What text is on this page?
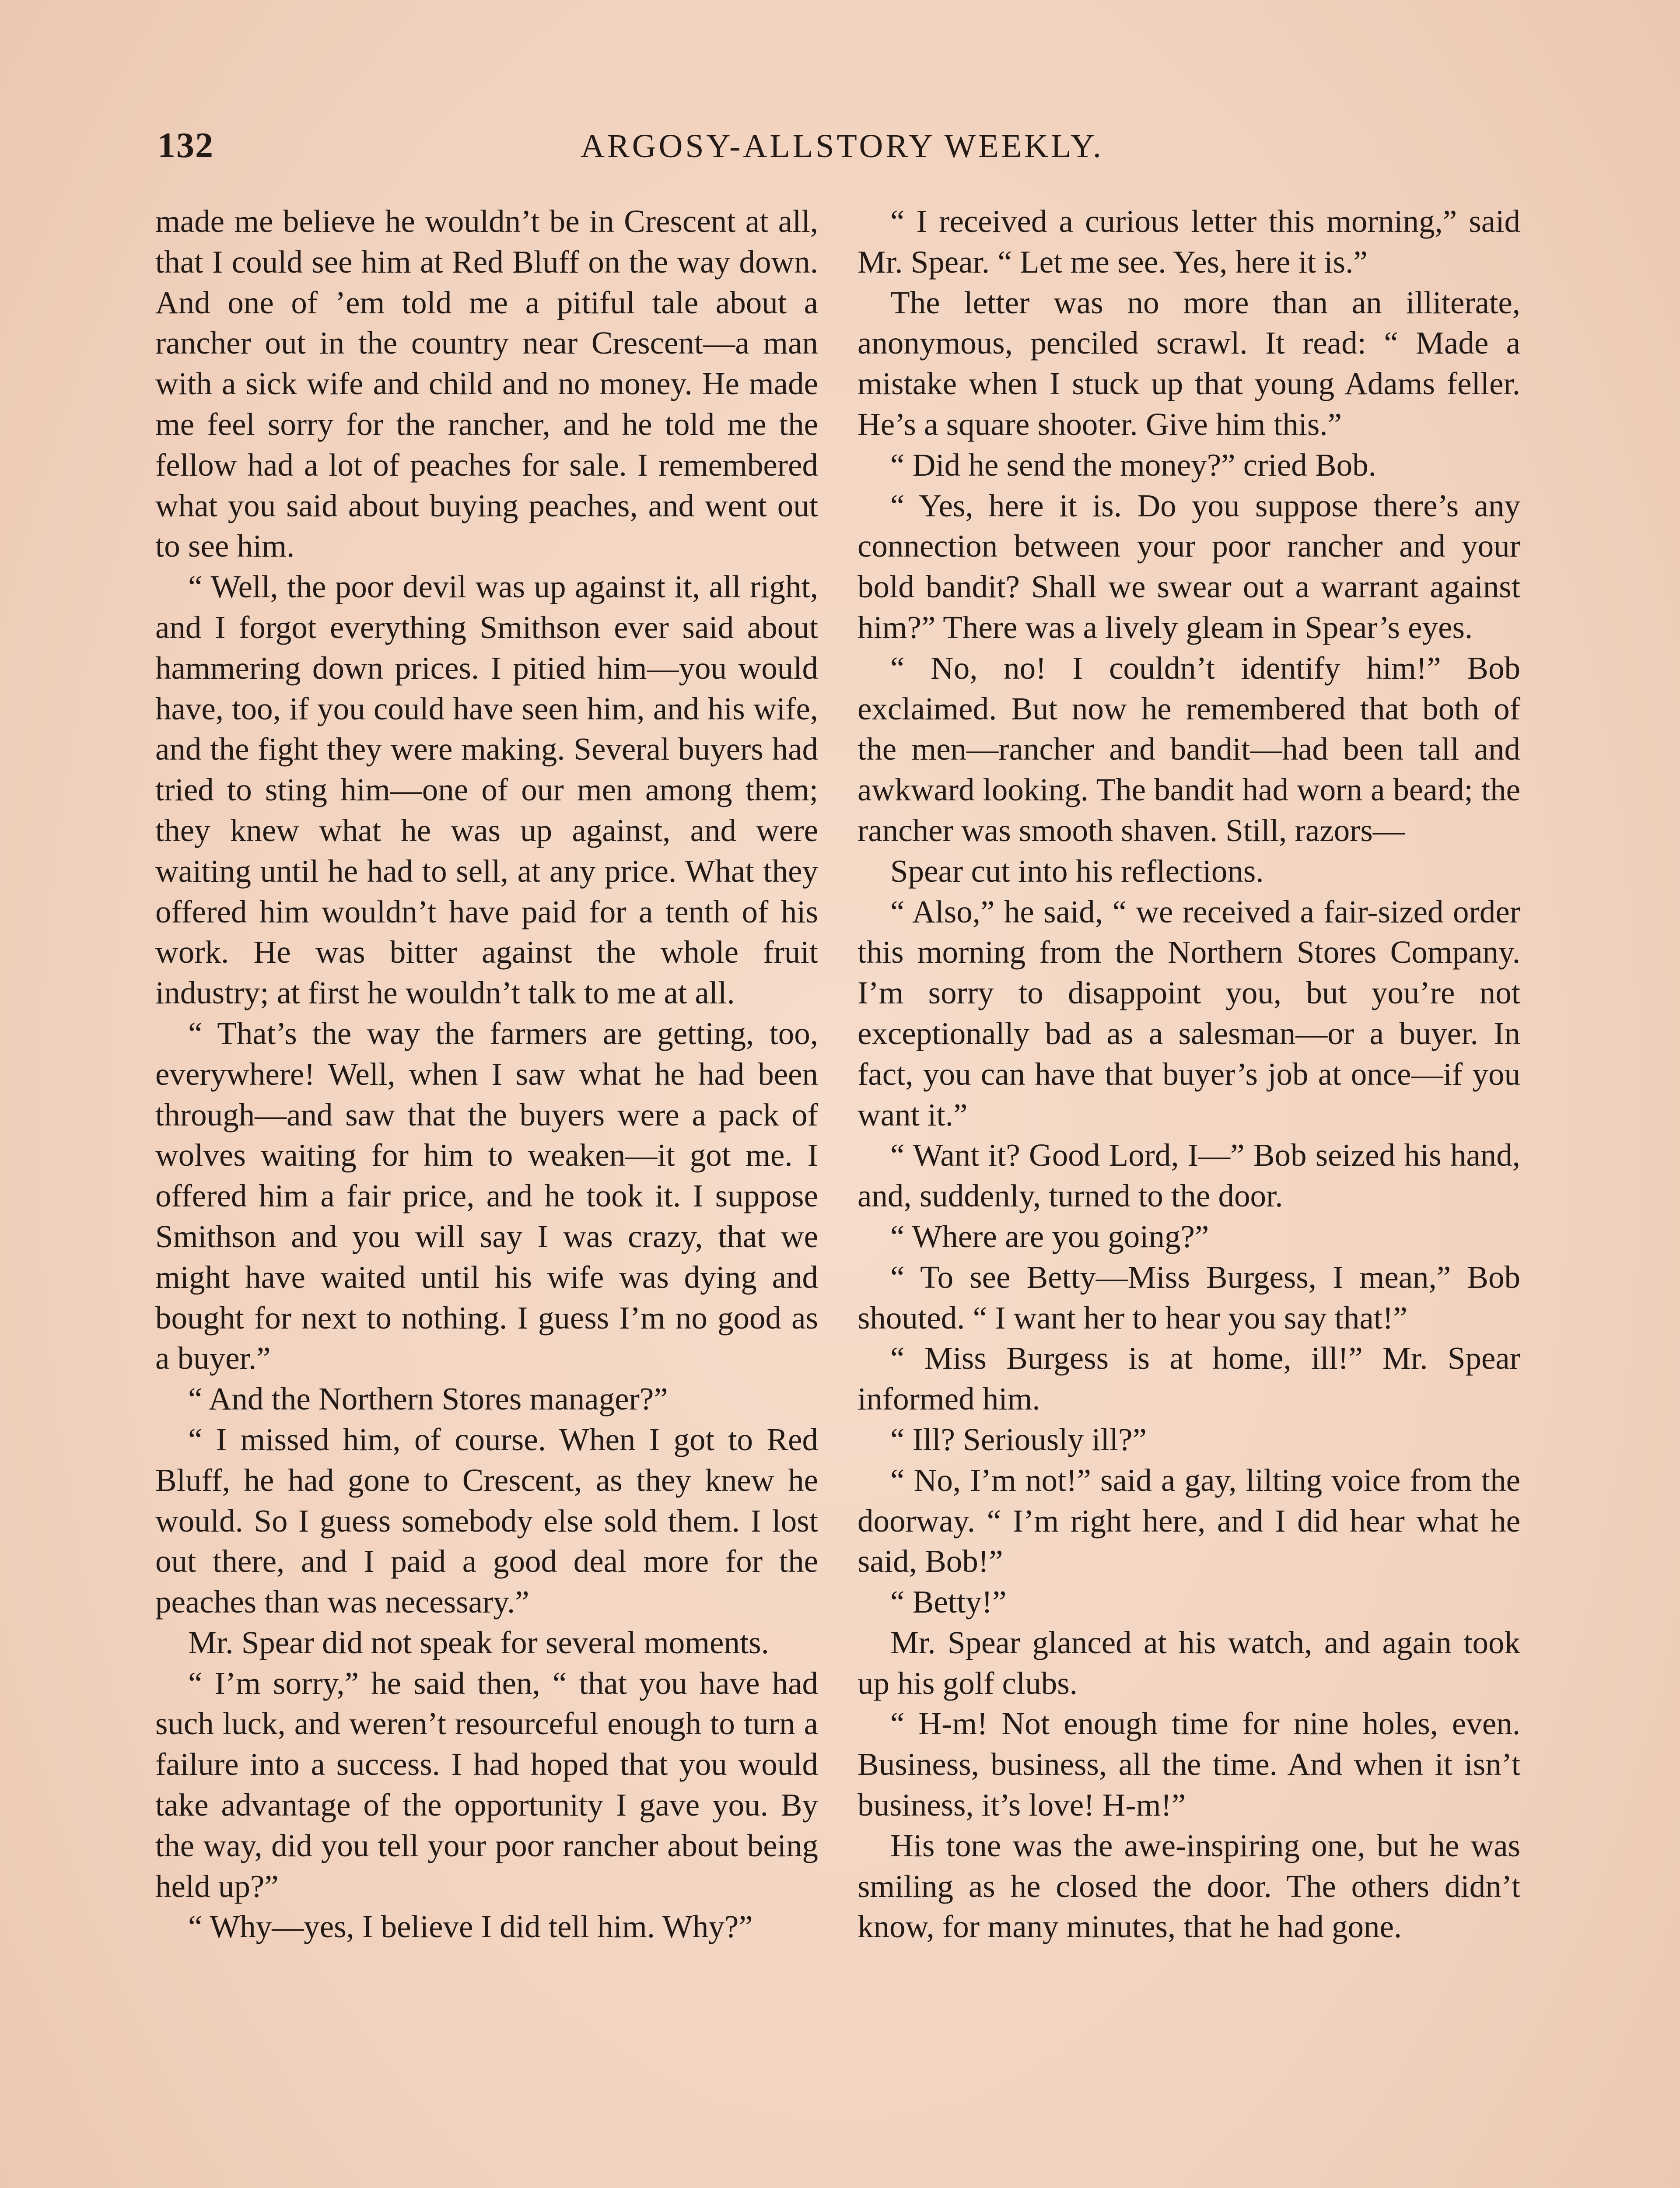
132	ARGOSY-ALLSTORY WEEKLY.

made me believe he wouldn’t be in Crescent at all, that I could see him at Red Bluff on the way down. And one of ’em told me a pitiful tale about a rancher out in the country near Crescent—a man with a sick wife and child and no money. He made me feel sorry for the rancher, and he told me the fellow had a lot of peaches for sale. I remembered what you said about buying peaches, and went out to see him.

“ Well, the poor devil was up against it, all right, and I forgot everything Smithson ever said about hammering down prices. I pitied him—you would have, too, if you could have seen him, and his wife, and the fight they were making. Several buyers had tried to sting him—one of our men among them; they knew what he was up against, and were waiting until he had to sell, at any price. What they offered him wouldn’t have paid for a tenth of his work. He was bitter against the whole fruit industry; at first he wouldn’t talk to me at all.

“ That’s the way the farmers are getting, too, everywhere! Well, when I saw what he had been through—and saw that the buyers were a pack of wolves waiting for him to weaken—it got me. I offered him a fair price, and he took it. I suppose Smithson and you will say I was crazy, that we might have waited until his wife was dying and bought for next to nothing. I guess I’m no good as a buyer.”

“ And the Northern Stores manager?”

“ I missed him, of course. When I got to Red Bluff, he had gone to Crescent, as they knew he would. So I guess somebody else sold them. I lost out there, and I paid a good deal more for the peaches than was necessary.”

Mr. Spear did not speak for several moments.

“ I’m sorry,” he said then, “ that you have had such luck, and weren’t resourceful enough to turn a failure into a success. I had hoped that you would take advantage of the opportunity I gave you. By the way, did you tell your poor rancher about being held up?”

“ Why—yes, I believe I did tell him. Why?”

“ I received a curious letter this morning,” said Mr. Spear. “ Let me see. Yes, here it is.”

The letter was no more than an illiterate, anonymous, penciled scrawl. It read: “ Made a mistake when I stuck up that young Adams feller. He’s a square shooter. Give him this.”

“ Did he send the money?” cried Bob.

“ Yes, here it is. Do you suppose there’s any connection between your poor rancher and your bold bandit? Shall we swear out a warrant against him?” There was a lively gleam in Spear’s eyes.

“ No, no! I couldn’t identify him!” Bob exclaimed. But now he remembered that both of the men—rancher and bandit—had been tall and awkward looking. The bandit had worn a beard; the rancher was smooth shaven. Still, razors—

Spear cut into his reflections.

“ Also,” he said, “ we received a fair-sized order this morning from the Northern Stores Company. I’m sorry to disappoint you, but you’re not exceptionally bad as a salesman—or a buyer. In fact, you can have that buyer’s job at once—if you want it.”

“ Want it? Good Lord, I—” Bob seized his hand, and, suddenly, turned to the door.

“ Where are you going?”

“ To see Betty—Miss Burgess, I mean,” Bob shouted. “ I want her to hear you say that!”

“ Miss Burgess is at home, ill!” Mr. Spear informed him.

“ Ill? Seriously ill?”

“ No, I’m not!” said a gay, lilting voice from the doorway. “ I’m right here, and I did hear what he said, Bob!”

“ Betty!”

Mr. Spear glanced at his watch, and again took up his golf clubs.

“ H-m! Not enough time for nine holes, even. Business, business, all the time. And when it isn’t business, it’s love! H-m!”

His tone was the awe-inspiring one, but he was smiling as he closed the door. The others didn’t know, for many minutes, that he had gone.
